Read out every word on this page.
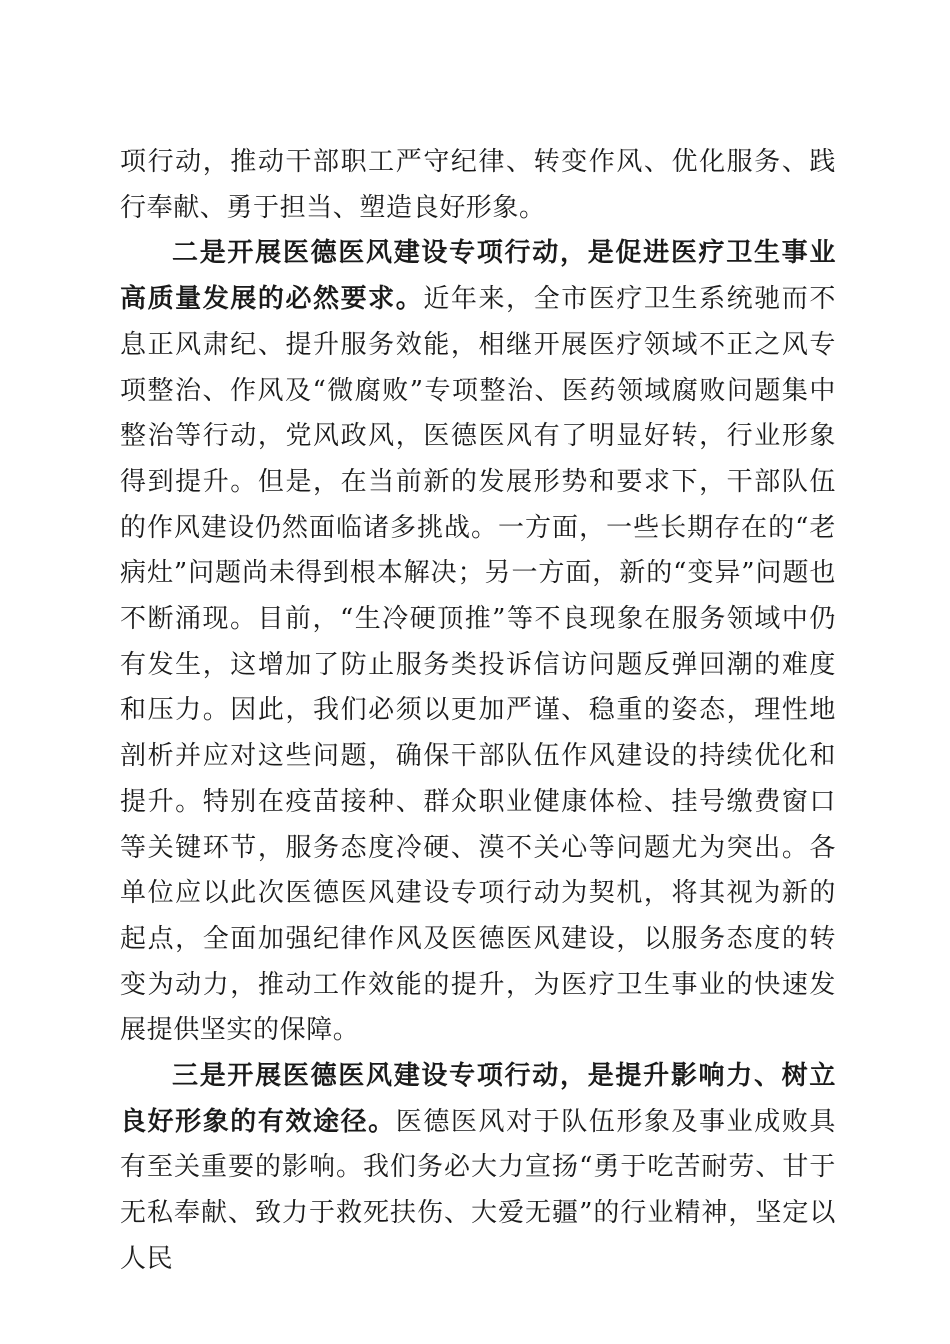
项行动，推动干部职工严守纪律、转变作风、优化服务、践行奉献、勇于担当、塑造良好形象。

二是开展医德医风建设专项行动，是促进医疗卫生事业高质量发展的必然要求。近年来，全市医疗卫生系统驰而不息正风肃纪、提升服务效能，相继开展医疗领域不正之风专项整治、作风及“微腐败”专项整治、医药领域腐败问题集中整治等行动，党风政风，医德医风有了明显好转，行业形象得到提升。但是，在当前新的发展形势和要求下，干部队伍的作风建设仍然面临诸多挑战。一方面，一些长期存在的“老病灶”问题尚未得到根本解决；另一方面，新的“变异”问题也不断涌现。目前，“生冷硬顶推”等不良现象在服务领域中仍有发生，这增加了防止服务类投诉信访问题反弹回潮的难度和压力。因此，我们必须以更加严谨、稳重的姿态，理性地剖析并应对这些问题，确保干部队伍作风建设的持续优化和提升。特别在疫苗接种、群众职业健康体检、挂号缴费窗口等关键环节，服务态度冷硬、漠不关心等问题尤为突出。各单位应以此次医德医风建设专项行动为契机，将其视为新的起点，全面加强纪律作风及医德医风建设，以服务态度的转变为动力，推动工作效能的提升，为医疗卫生事业的快速发展提供坚实的保障。

三是开展医德医风建设专项行动，是提升影响力、树立良好形象的有效途径。医德医风对于队伍形象及事业成败具有至关重要的影响。我们务必大力宣扬“勇于吃苦耐劳、甘于无私奉献、致力于救死扶伤、大爱无疆”的行业精神，坚定以人民
